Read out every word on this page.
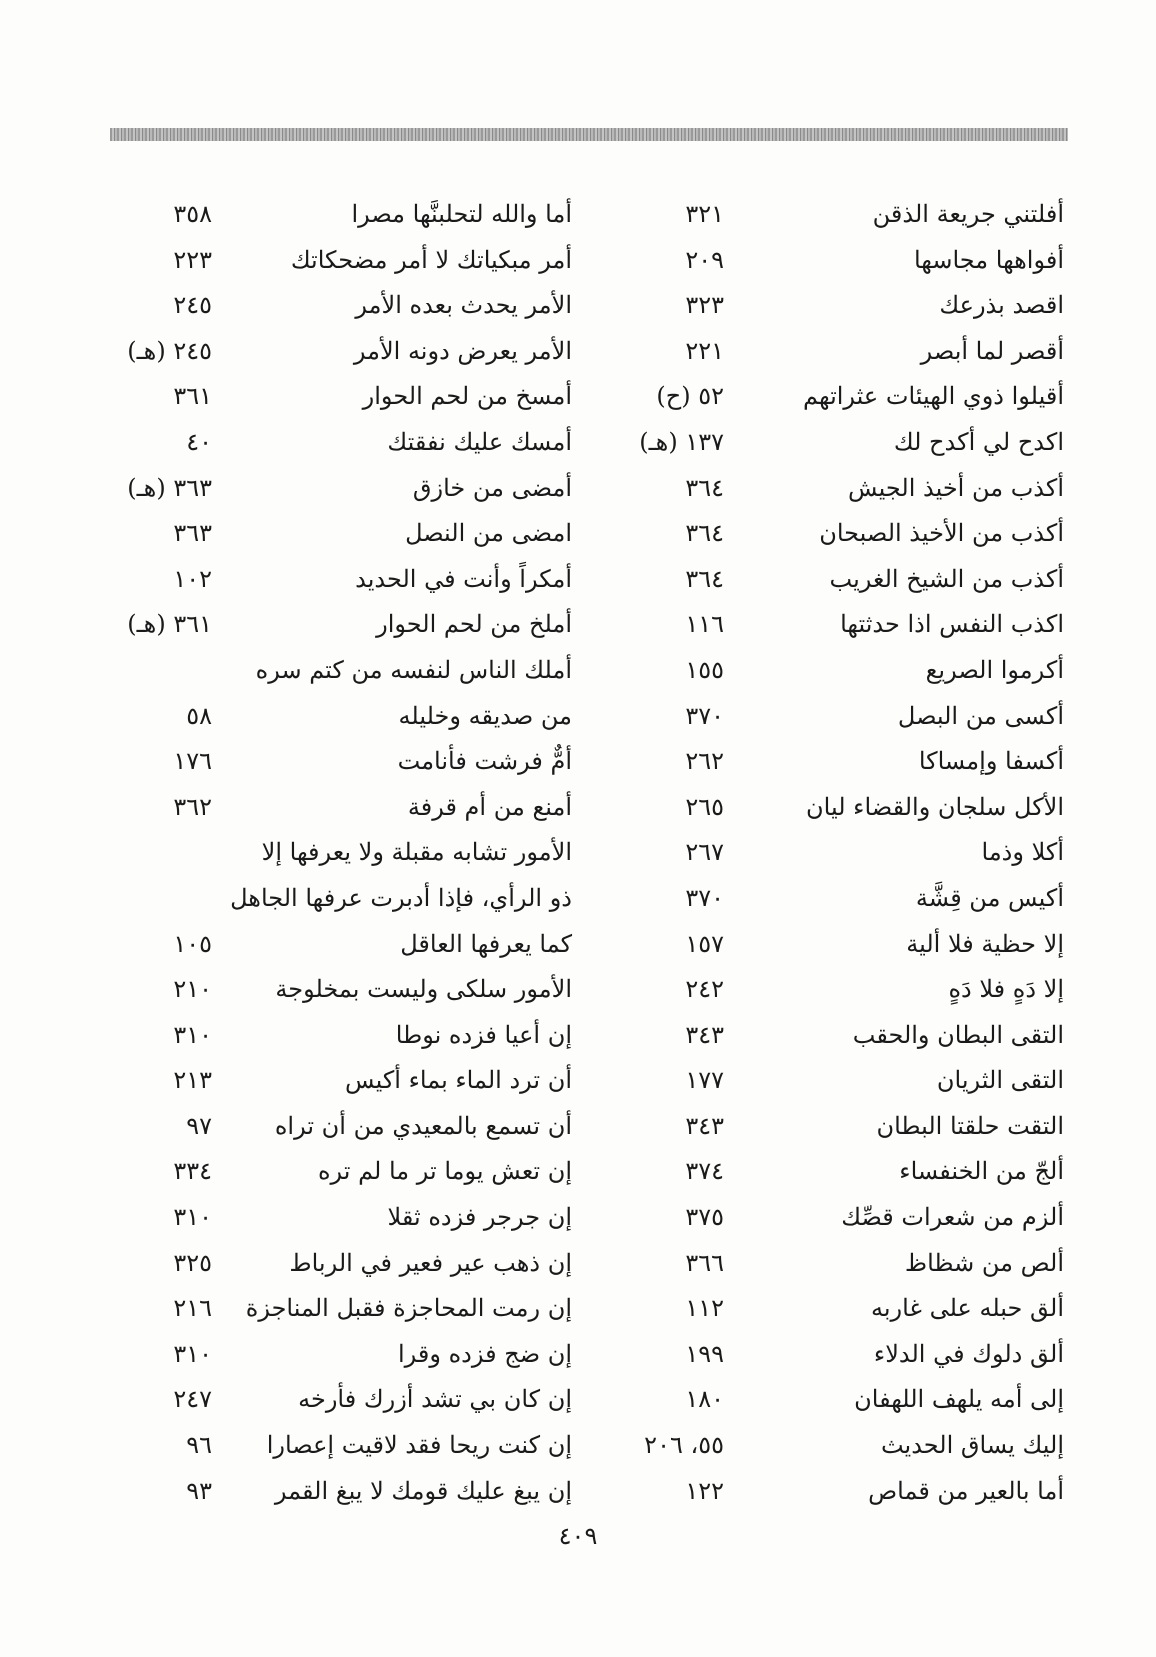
أفلتني جريعة الذقن
٣٢١
أفواهها مجاسها
٢٠٩
اقصد بذرعك
٣٢٣
أقصر لما أبصر
٢٢١
أقيلوا ذوي الهيئات عثراتهم
٥٢ (ح)
اكدح لي أكدح لك
١٣٧ (هـ)
أكذب من أخيذ الجيش
٣٦٤
أكذب من الأخيذ الصبحان
٣٦٤
أكذب من الشيخ الغريب
٣٦٤
اكذب النفس اذا حدثتها
١١٦
أكرموا الصريع
١٥٥
أكسى من البصل
٣٧٠
أكسفا وإمساكا
٢٦٢
الأكل سلجان والقضاء ليان
٢٦٥
أكلا وذما
٢٦٧
أكيس من قِشَّة
٣٧٠
إلا حظية فلا ألية
١٥٧
إلا دَهٍ فلا دَهٍ
٢٤٢
التقى البطان والحقب
٣٤٣
التقى الثريان
١٧٧
التقت حلقتا البطان
٣٤٣
ألجّ من الخنفساء
٣٧٤
ألزم من شعرات قصِّك
٣٧٥
ألص من شظاظ
٣٦٦
ألق حبله على غاربه
١١٢
ألق دلوك في الدلاء
١٩٩
إلى أمه يلهف اللهفان
١٨٠
إليك يساق الحديث
٥٥، ٢٠٦
أما بالعير من قماص
١٢٢
أما والله لتحلبنَّها مصرا
٣٥٨
أمر مبكياتك لا أمر مضحكاتك
٢٢٣
الأمر يحدث بعده الأمر
٢٤٥
الأمر يعرض دونه الأمر
٢٤٥ (هـ)
أمسخ من لحم الحوار
٣٦١
أمسك عليك نفقتك
٤٠
أمضى من خازق
٣٦٣ (هـ)
امضى من النصل
٣٦٣
أمكراً وأنت في الحديد
١٠٢
أملخ من لحم الحوار
٣٦١ (هـ)
أملك الناس لنفسه من كتم سره
من صديقه وخليله
٥٨
أمٌّ فرشت فأنامت
١٧٦
أمنع من أم قرفة
٣٦٢
الأمور تشابه مقبلة ولا يعرفها إلا
ذو الرأي، فإذا أدبرت عرفها الجاهل
كما يعرفها العاقل
١٠٥
الأمور سلكى وليست بمخلوجة
٢١٠
إن أعيا فزده نوطا
٣١٠
أن ترد الماء بماء أكيس
٢١٣
أن تسمع بالمعيدي من أن تراه
٩٧
إن تعش يوما تر ما لم تره
٣٣٤
إن جرجر فزده ثقلا
٣١٠
إن ذهب عير فعير في الرباط
٣٢٥
إن رمت المحاجزة فقبل المناجزة
٢١٦
إن ضج فزده وقرا
٣١٠
إن كان بي تشد أزرك فأرخه
٢٤٧
إن كنت ريحا فقد لاقيت إعصارا
٩٦
إن يبغ عليك قومك لا يبغ القمر
٩٣
٤٠٩
